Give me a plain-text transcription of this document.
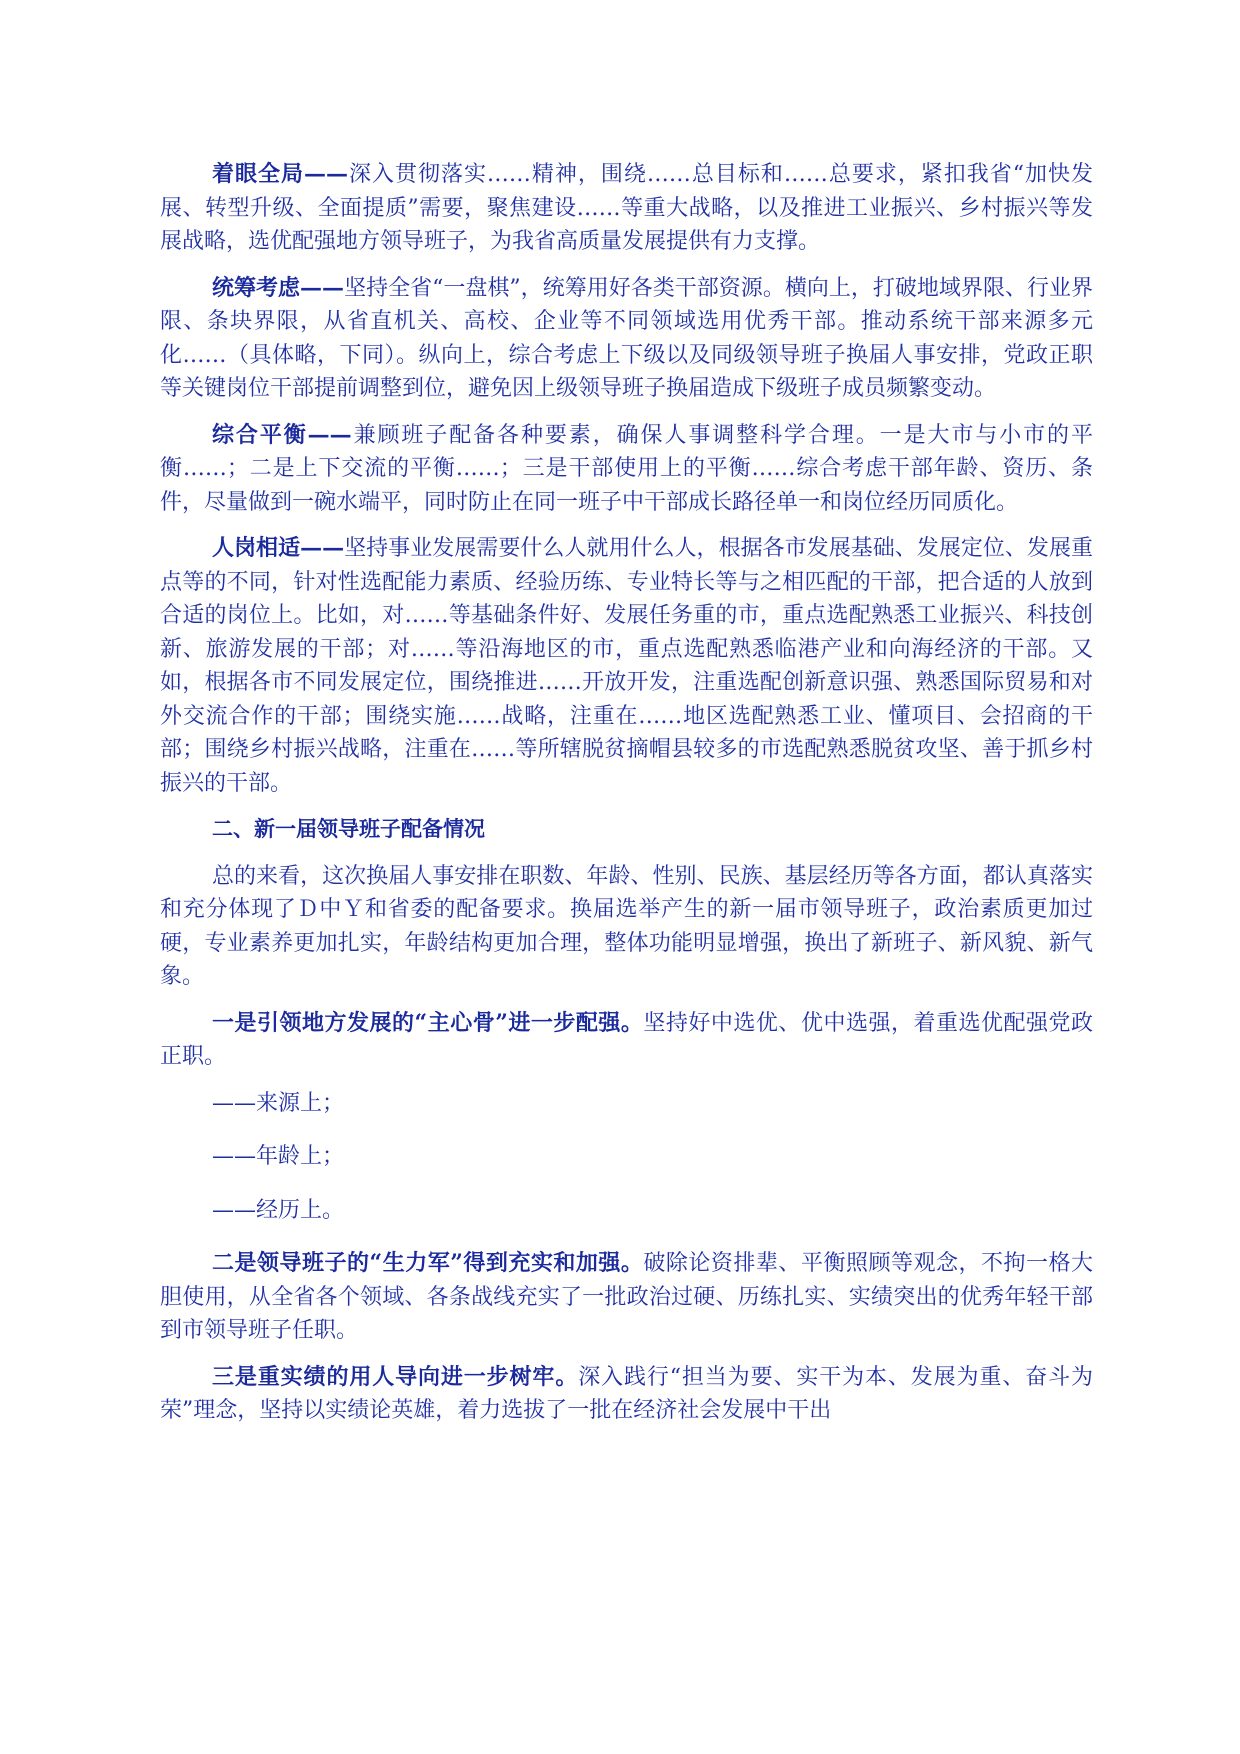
着眼全局——深入贯彻落实……精神，围绕……总目标和……总要求，紧扣我省“加快发展、转型升级、全面提质”需要，聚焦建设……等重大战略，以及推进工业振兴、乡村振兴等发展战略，选优配强地方领导班子，为我省高质量发展提供有力支撑。

统筹考虑——坚持全省“一盘棋”，统筹用好各类干部资源。横向上，打破地域界限、行业界限、条块界限，从省直机关、高校、企业等不同领域选用优秀干部。推动系统干部来源多元化……（具体略，下同）。纵向上，综合考虑上下级以及同级领导班子换届人事安排，党政正职等关键岗位干部提前调整到位，避免因上级领导班子换届造成下级班子成员频繁变动。

综合平衡——兼顾班子配备各种要素，确保人事调整科学合理。一是大市与小市的平衡……；二是上下交流的平衡……；三是干部使用上的平衡……综合考虑干部年龄、资历、条件，尽量做到一碗水端平，同时防止在同一班子中干部成长路径单一和岗位经历同质化。

人岗相适——坚持事业发展需要什么人就用什么人，根据各市发展基础、发展定位、发展重点等的不同，针对性选配能力素质、经验历练、专业特长等与之相匹配的干部，把合适的人放到合适的岗位上。比如，对……等基础条件好、发展任务重的市，重点选配熟悉工业振兴、科技创新、旅游发展的干部；对……等沿海地区的市，重点选配熟悉临港产业和向海经济的干部。又如，根据各市不同发展定位，围绕推进……开放开发，注重选配创新意识强、熟悉国际贸易和对外交流合作的干部；围绕实施……战略，注重在……地区选配熟悉工业、懂项目、会招商的干部；围绕乡村振兴战略，注重在……等所辖脱贫摘帽县较多的市选配熟悉脱贫攻坚、善于抓乡村振兴的干部。

二、新一届领导班子配备情况

总的来看，这次换届人事安排在职数、年龄、性别、民族、基层经历等各方面，都认真落实和充分体现了Ｄ中Ｙ和省委的配备要求。换届选举产生的新一届市领导班子，政治素质更加过硬，专业素养更加扎实，年龄结构更加合理，整体功能明显增强，换出了新班子、新风貌、新气象。

一是引领地方发展的“主心骨”进一步配强。坚持好中选优、优中选强，着重选优配强党政正职。

——来源上；

——年龄上；

——经历上。

二是领导班子的“生力军”得到充实和加强。破除论资排辈、平衡照顾等观念，不拘一格大胆使用，从全省各个领域、各条战线充实了一批政治过硬、历练扎实、实绩突出的优秀年轻干部到市领导班子任职。

三是重实绩的用人导向进一步树牢。深入践行“担当为要、实干为本、发展为重、奋斗为荣”理念，坚持以实绩论英雄，着力选拔了一批在经济社会发展中干出
